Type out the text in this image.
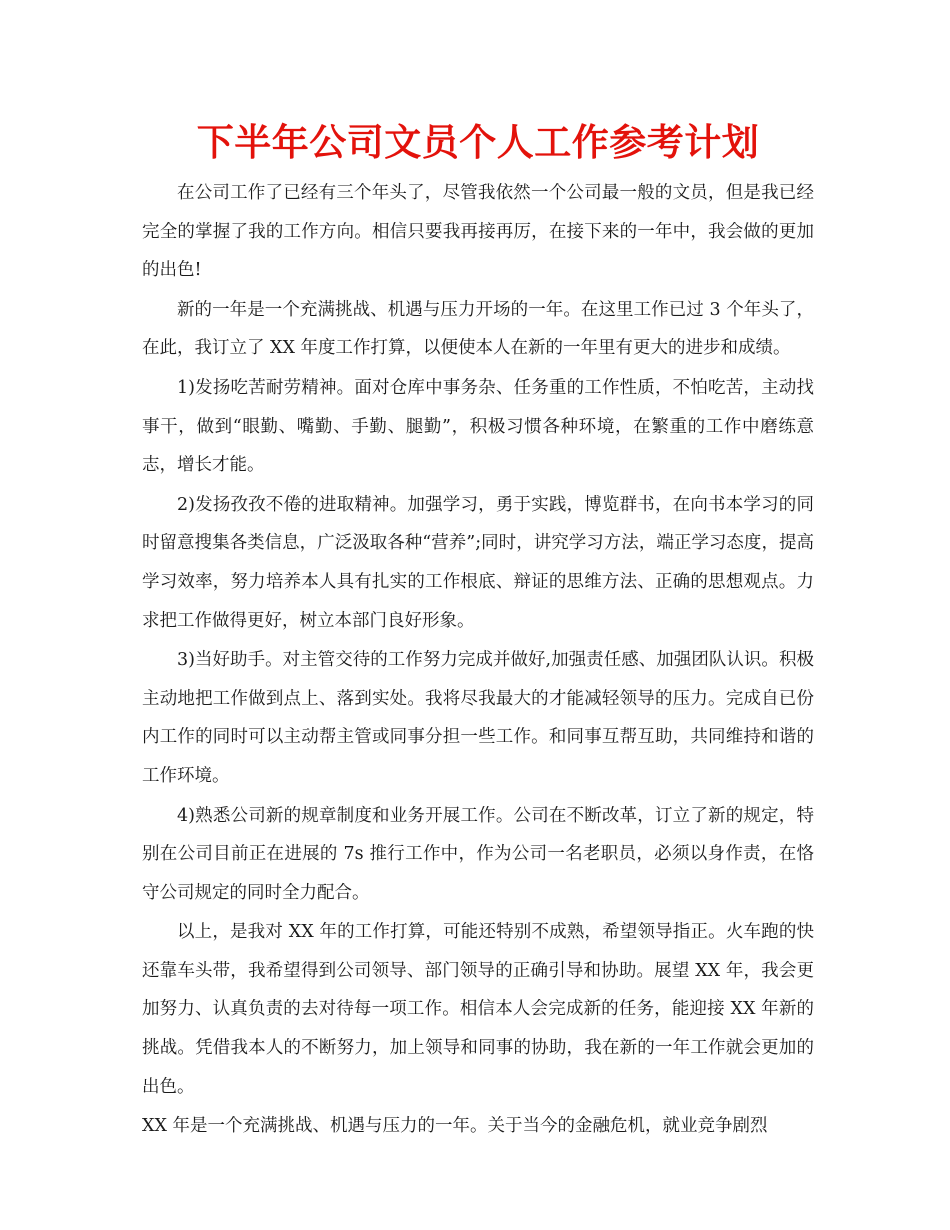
下半年公司文员个人工作参考计划

在公司工作了已经有三个年头了，尽管我依然一个公司最一般的文员，但是我已经完全的掌握了我的工作方向。相信只要我再接再厉，在接下来的一年中，我会做的更加的出色!

新的一年是一个充满挑战、机遇与压力开场的一年。在这里工作已过 3 个年头了，在此，我订立了 XX 年度工作打算，以便使本人在新的一年里有更大的进步和成绩。

1)发扬吃苦耐劳精神。面对仓库中事务杂、任务重的工作性质，不怕吃苦，主动找事干，做到“眼勤、嘴勤、手勤、腿勤”，积极习惯各种环境，在繁重的工作中磨练意志，增长才能。

2)发扬孜孜不倦的进取精神。加强学习，勇于实践，博览群书，在向书本学习的同时留意搜集各类信息，广泛汲取各种“营养”;同时，讲究学习方法，端正学习态度，提高学习效率，努力培养本人具有扎实的工作根底、辩证的思维方法、正确的思想观点。力求把工作做得更好，树立本部门良好形象。

3)当好助手。对主管交待的工作努力完成并做好,加强责任感、加强团队认识。积极主动地把工作做到点上、落到实处。我将尽我最大的才能减轻领导的压力。完成自已份内工作的同时可以主动帮主管或同事分担一些工作。和同事互帮互助，共同维持和谐的工作环境。

4)熟悉公司新的规章制度和业务开展工作。公司在不断改革，订立了新的规定，特别在公司目前正在进展的 7s 推行工作中，作为公司一名老职员，必须以身作责，在恪守公司规定的同时全力配合。

以上，是我对 XX 年的工作打算，可能还特别不成熟，希望领导指正。火车跑的快还靠车头带，我希望得到公司领导、部门领导的正确引导和协助。展望 XX 年，我会更加努力、认真负责的去对待每一项工作。相信本人会完成新的任务，能迎接 XX 年新的挑战。凭借我本人的不断努力，加上领导和同事的协助，我在新的一年工作就会更加的出色。

XX 年是一个充满挑战、机遇与压力的一年。关于当今的金融危机，就业竞争剧烈
